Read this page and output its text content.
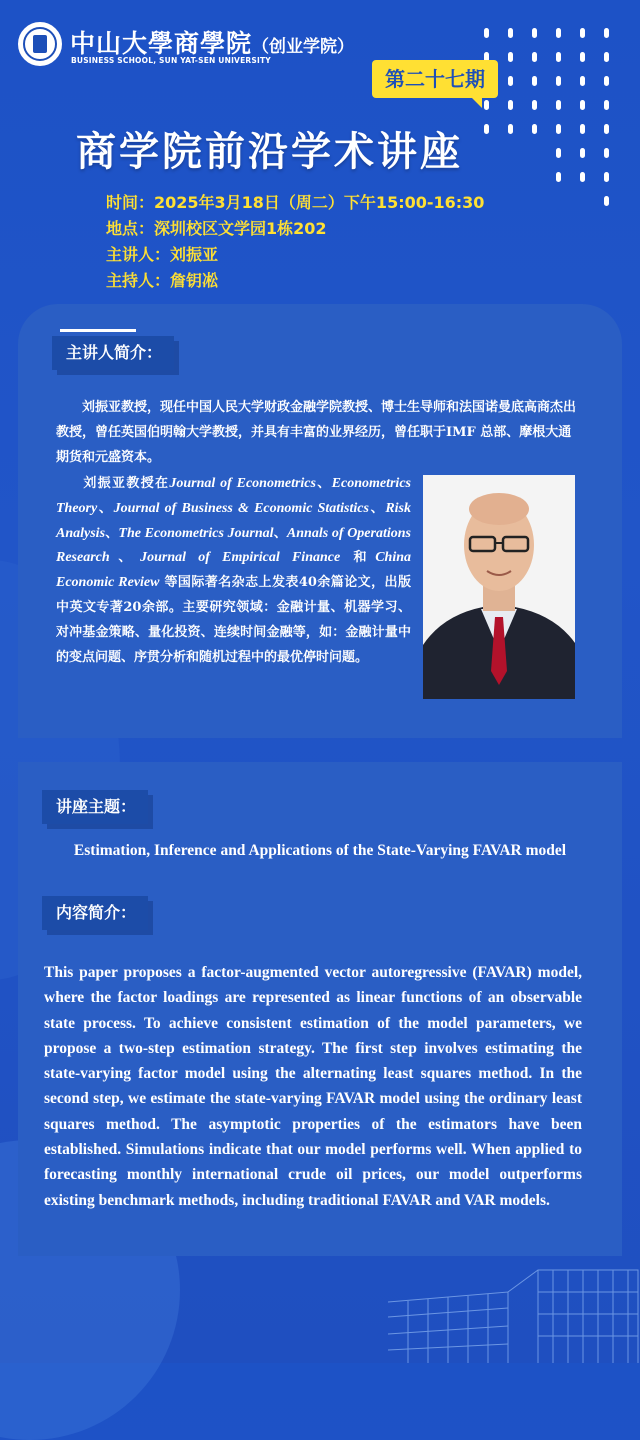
中山大學商學院（创业学院）
BUSINESS SCHOOL, SUN YAT-SEN UNIVERSITY
第二十七期
商学院前沿学术讲座
时间：2025年3月18日（周二）下午15:00-16:30
地点：深圳校区文学园1栋202
主讲人：刘振亚
主持人：詹钥凇
主讲人简介：
刘振亚教授，现任中国人民大学财政金融学院教授、博士生导师和法国诺曼底高商杰出教授，曾任英国伯明翰大学教授，并具有丰富的业界经历，曾任职于IMF 总部、摩根大通期货和元盛资本。
刘振亚教授在Journal of Econometrics、Econometrics Theory、Journal of Business & Economic Statistics、Risk Analysis、The Econometrics Journal、Annals of Operations Research、Journal of Empirical Finance 和China Economic Review 等国际著名杂志上发表40余篇论文，出版中英文专著20余部。主要研究领域：金融计量、机器学习、对冲基金策略、量化投资、连续时间金融等，如：金融计量中的变点问题、序贯分析和随机过程中的最优停时问题。
讲座主题：
Estimation, Inference and Applications of the State-Varying FAVAR model
内容简介：
This paper proposes a factor-augmented vector autoregressive (FAVAR) model, where the factor loadings are represented as linear functions of an observable state process. To achieve consistent estimation of the model parameters, we propose a two-step estimation strategy. The first step involves estimating the state-varying factor model using the alternating least squares method. In the second step, we estimate the state-varying FAVAR model using the ordinary least squares method. The asymptotic properties of the estimators have been established. Simulations indicate that our model performs well. When applied to forecasting monthly international crude oil prices, our model outperforms existing benchmark methods, including traditional FAVAR and VAR models.
